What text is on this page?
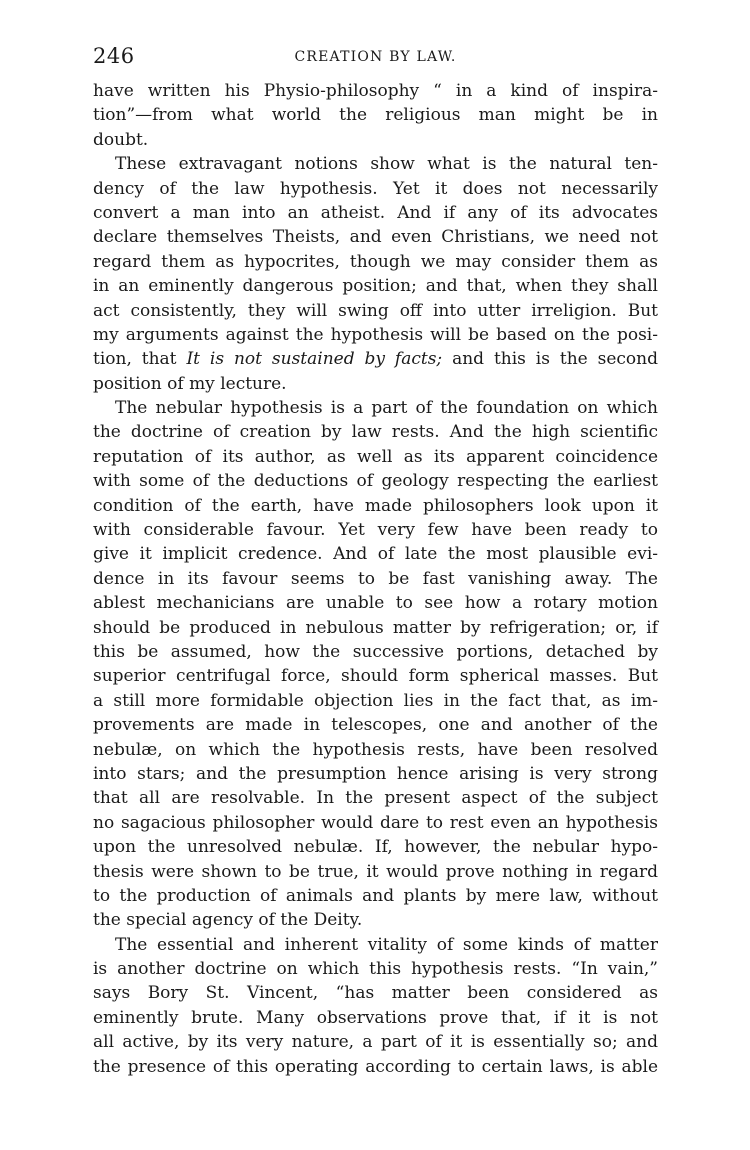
246	CREATION BY LAW.
have written his Physio-philosophy “ in a kind of inspira-
tion”—from what world the religious man might be in
doubt.
These extravagant notions show what is the natural ten-
dency of the law hypothesis. Yet it does not necessarily
convert a man into an atheist. And if any of its advocates
declare themselves Theists, and even Christians, we need not
regard them as hypocrites, though we may consider them as
in an eminently dangerous position; and that, when they shall
act consistently, they will swing off into utter irreligion. But
my arguments against the hypothesis will be based on the posi-
tion, that It is not sustained by facts; and this is the second
position of my lecture.
The nebular hypothesis is a part of the foundation on which
the doctrine of creation by law rests. And the high scientific
reputation of its author, as well as its apparent coincidence
with some of the deductions of geology respecting the earliest
condition of the earth, have made philosophers look upon it
with considerable favour. Yet very few have been ready to
give it implicit credence. And of late the most plausible evi-
dence in its favour seems to be fast vanishing away. The
ablest mechanicians are unable to see how a rotary motion
should be produced in nebulous matter by refrigeration; or, if
this be assumed, how the successive portions, detached by
superior centrifugal force, should form spherical masses. But
a still more formidable objection lies in the fact that, as im-
provements are made in telescopes, one and another of the
nebulæ, on which the hypothesis rests, have been resolved
into stars; and the presumption hence arising is very strong
that all are resolvable. In the present aspect of the subject
no sagacious philosopher would dare to rest even an hypothesis
upon the unresolved nebulæ. If, however, the nebular hypo-
thesis were shown to be true, it would prove nothing in regard
to the production of animals and plants by mere law, without
the special agency of the Deity.
The essential and inherent vitality of some kinds of matter
is another doctrine on which this hypothesis rests. “In vain,”
says Bory St. Vincent, “has matter been considered as
eminently brute. Many observations prove that, if it is not
all active, by its very nature, a part of it is essentially so; and
the presence of this operating according to certain laws, is able
